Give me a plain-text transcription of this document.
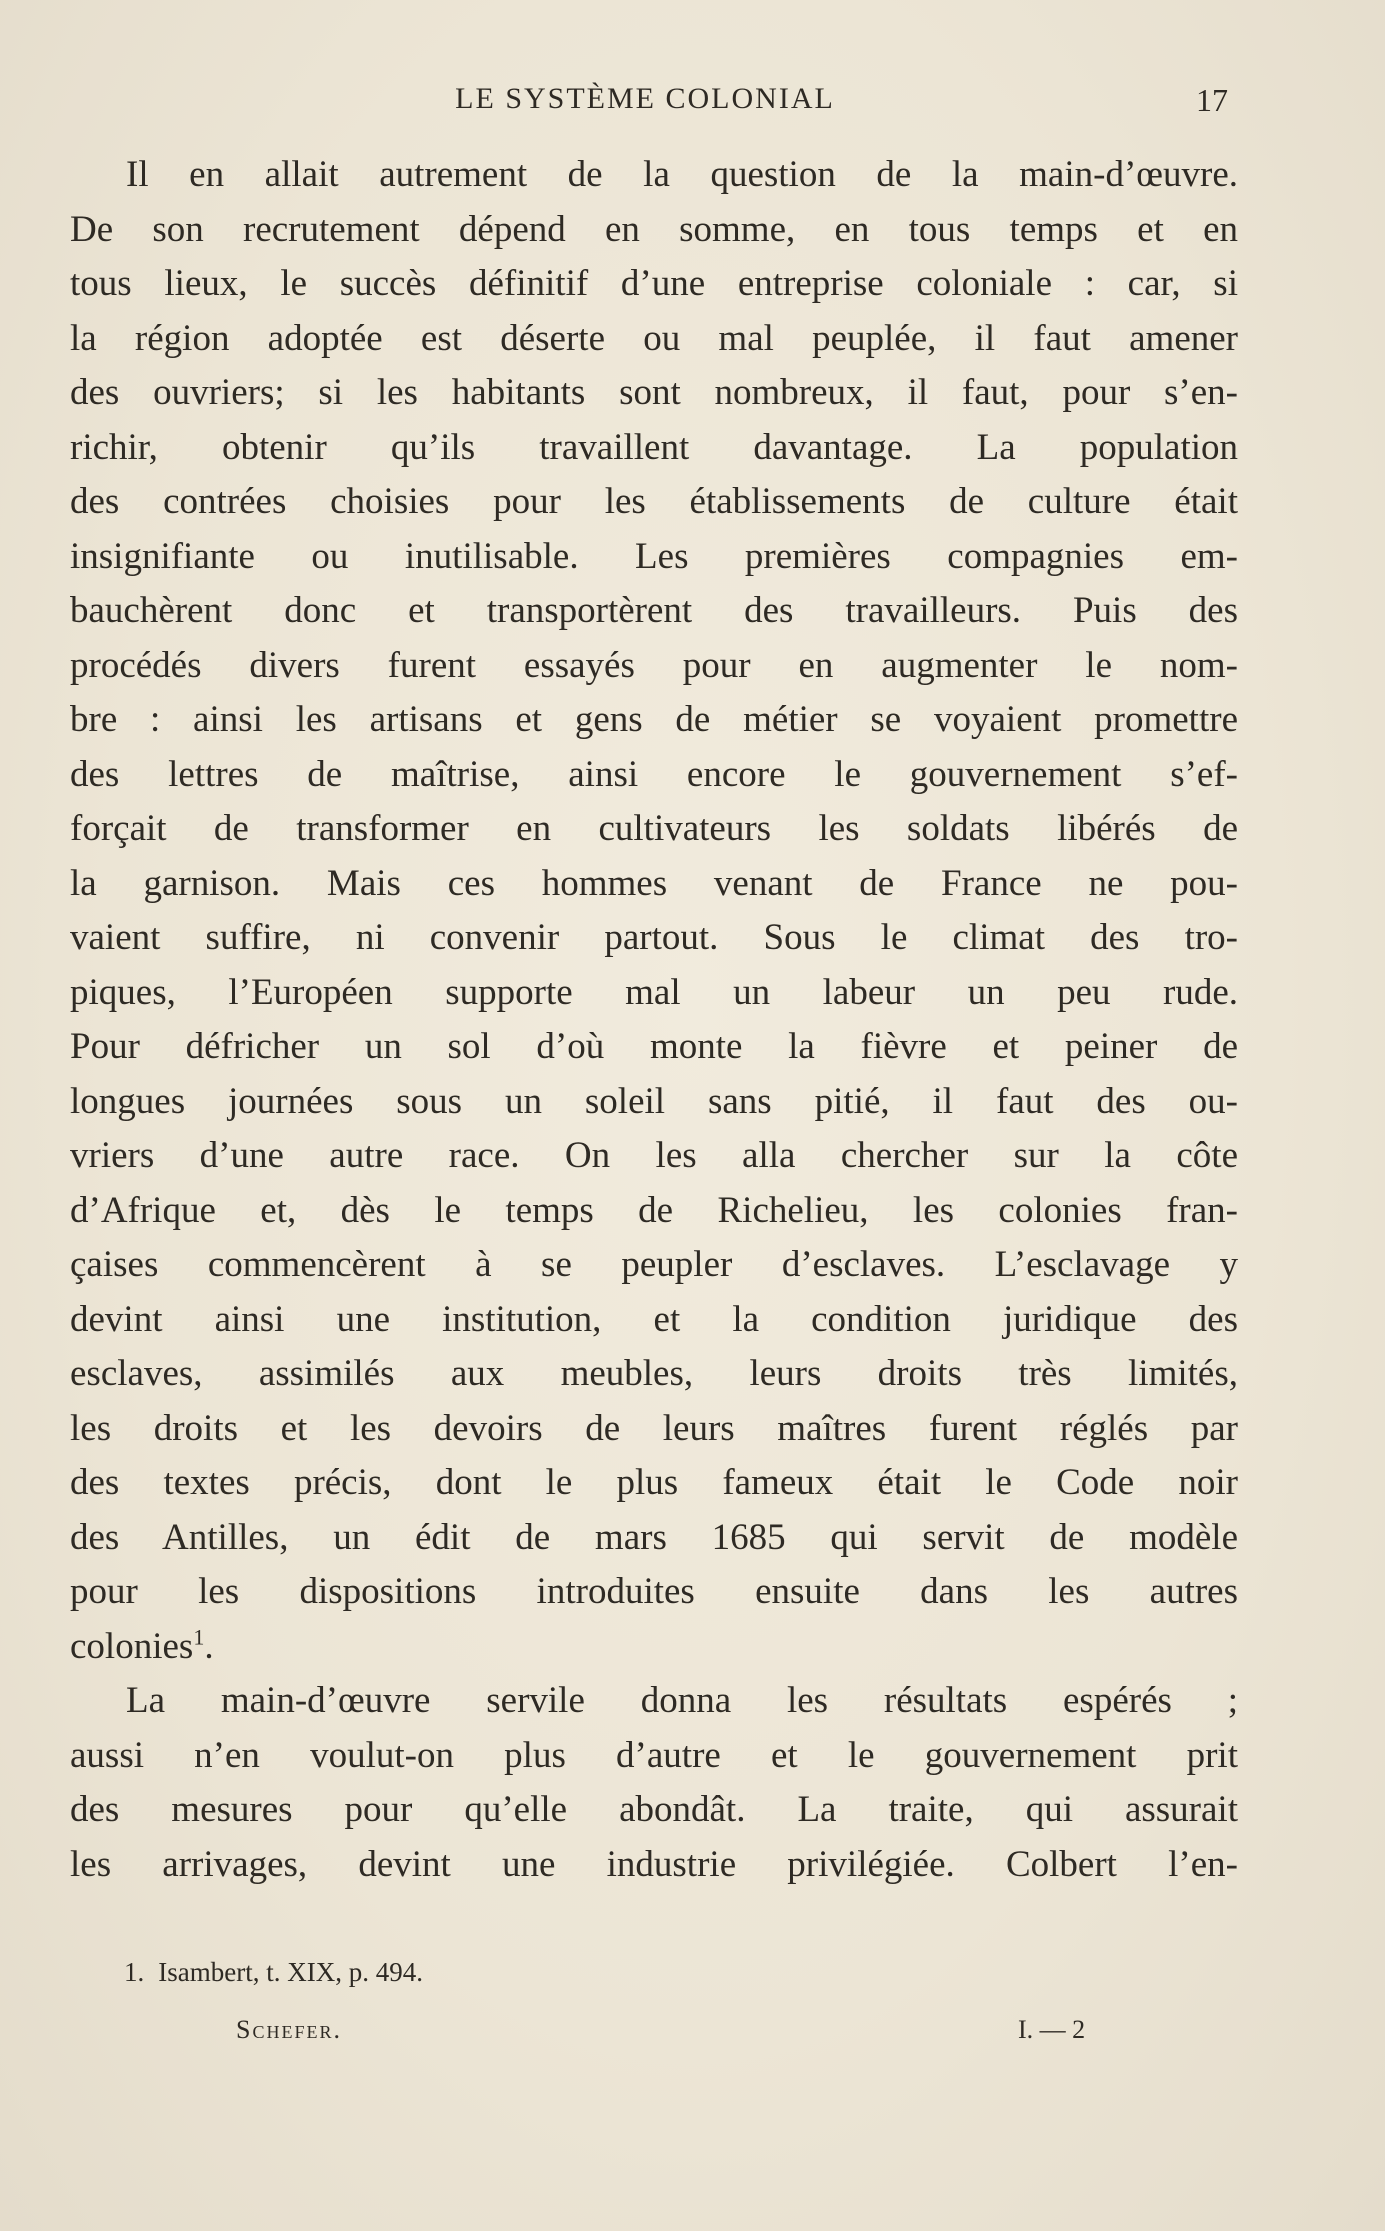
LE SYSTÈME COLONIAL	17
Il en allait autrement de la question de la main-d’œuvre.
De son recrutement dépend en somme, en tous temps et en
tous lieux, le succès définitif d’une entreprise coloniale : car, si
la région adoptée est déserte ou mal peuplée, il faut amener
des ouvriers; si les habitants sont nombreux, il faut, pour s’en-
richir, obtenir qu’ils travaillent davantage. La population
des contrées choisies pour les établissements de culture était
insignifiante ou inutilisable. Les premières compagnies em-
bauchèrent donc et transportèrent des travailleurs. Puis des
procédés divers furent essayés pour en augmenter le nom-
bre : ainsi les artisans et gens de métier se voyaient promettre
des lettres de maîtrise, ainsi encore le gouvernement s’ef-
forçait de transformer en cultivateurs les soldats libérés de
la garnison. Mais ces hommes venant de France ne pou-
vaient suffire, ni convenir partout. Sous le climat des tro-
piques, l’Européen supporte mal un labeur un peu rude.
Pour défricher un sol d’où monte la fièvre et peiner de
longues journées sous un soleil sans pitié, il faut des ou-
vriers d’une autre race. On les alla chercher sur la côte
d’Afrique et, dès le temps de Richelieu, les colonies fran-
çaises commencèrent à se peupler d’esclaves. L’esclavage y
devint ainsi une institution, et la condition juridique des
esclaves, assimilés aux meubles, leurs droits très limités,
les droits et les devoirs de leurs maîtres furent réglés par
des textes précis, dont le plus fameux était le Code noir
des Antilles, un édit de mars 1685 qui servit de modèle
pour les dispositions introduites ensuite dans les autres
colonies$^1$.
La main-d’œuvre servile donna les résultats espérés ;
aussi n’en voulut-on plus d’autre et le gouvernement prit
des mesures pour qu’elle abondât. La traite, qui assurait
les arrivages, devint une industrie privilégiée. Colbert l’en-
1. Isambert, t. XIX, p. 494.
Schefer.	I. — 2
